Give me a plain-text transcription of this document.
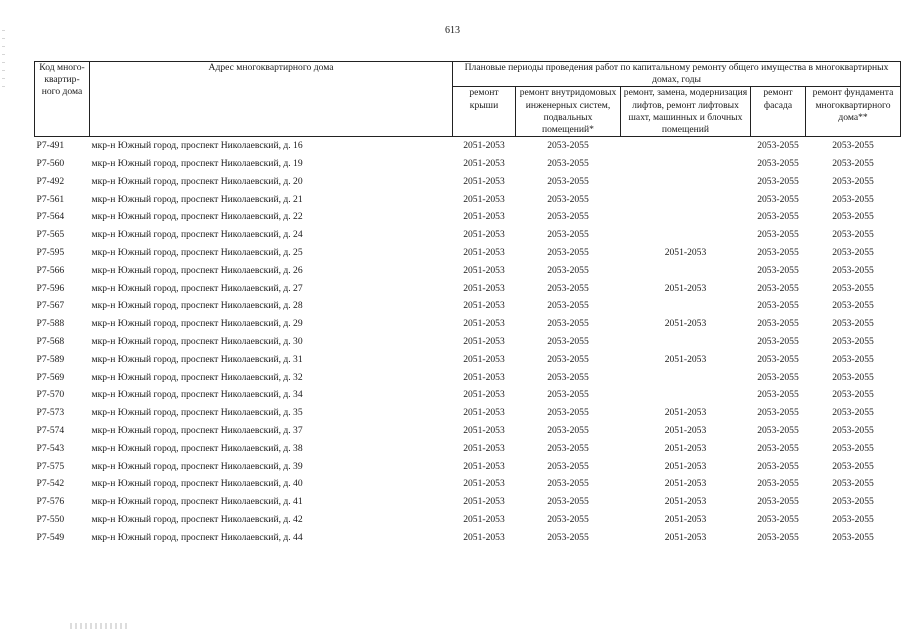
613
Код много-квартир-ного дома	Адрес многоквартирного дома	Плановые периоды проведения работ по капитальному ремонту общего имущества в многоквартирных домах, годы				
		ремонт крыши	ремонт внутридомовых инженерных систем, подвальных помещений*	ремонт, замена, модернизация лифтов, ремонт лифтовых шахт, машинных и блочных помещений	ремонт фасада	ремонт фундамента многоквартирного дома**
Р7-491	мкр-н Южный город, проспект Николаевский, д. 16	2051-2053	2053-2055		2053-2055	2053-2055
Р7-560	мкр-н Южный город, проспект Николаевский, д. 19	2051-2053	2053-2055		2053-2055	2053-2055
Р7-492	мкр-н Южный город, проспект Николаевский, д. 20	2051-2053	2053-2055		2053-2055	2053-2055
Р7-561	мкр-н Южный город, проспект Николаевский, д. 21	2051-2053	2053-2055		2053-2055	2053-2055
Р7-564	мкр-н Южный город, проспект Николаевский, д. 22	2051-2053	2053-2055		2053-2055	2053-2055
Р7-565	мкр-н Южный город, проспект Николаевский, д. 24	2051-2053	2053-2055		2053-2055	2053-2055
Р7-595	мкр-н Южный город, проспект Николаевский, д. 25	2051-2053	2053-2055	2051-2053	2053-2055	2053-2055
Р7-566	мкр-н Южный город, проспект Николаевский, д. 26	2051-2053	2053-2055		2053-2055	2053-2055
Р7-596	мкр-н Южный город, проспект Николаевский, д. 27	2051-2053	2053-2055	2051-2053	2053-2055	2053-2055
Р7-567	мкр-н Южный город, проспект Николаевский, д. 28	2051-2053	2053-2055		2053-2055	2053-2055
Р7-588	мкр-н Южный город, проспект Николаевский, д. 29	2051-2053	2053-2055	2051-2053	2053-2055	2053-2055
Р7-568	мкр-н Южный город, проспект Николаевский, д. 30	2051-2053	2053-2055		2053-2055	2053-2055
Р7-589	мкр-н Южный город, проспект Николаевский, д. 31	2051-2053	2053-2055	2051-2053	2053-2055	2053-2055
Р7-569	мкр-н Южный город, проспект Николаевский, д. 32	2051-2053	2053-2055		2053-2055	2053-2055
Р7-570	мкр-н Южный город, проспект Николаевский, д. 34	2051-2053	2053-2055		2053-2055	2053-2055
Р7-573	мкр-н Южный город, проспект Николаевский, д. 35	2051-2053	2053-2055	2051-2053	2053-2055	2053-2055
Р7-574	мкр-н Южный город, проспект Николаевский, д. 37	2051-2053	2053-2055	2051-2053	2053-2055	2053-2055
Р7-543	мкр-н Южный город, проспект Николаевский, д. 38	2051-2053	2053-2055	2051-2053	2053-2055	2053-2055
Р7-575	мкр-н Южный город, проспект Николаевский, д. 39	2051-2053	2053-2055	2051-2053	2053-2055	2053-2055
Р7-542	мкр-н Южный город, проспект Николаевский, д. 40	2051-2053	2053-2055	2051-2053	2053-2055	2053-2055
Р7-576	мкр-н Южный город, проспект Николаевский, д. 41	2051-2053	2053-2055	2051-2053	2053-2055	2053-2055
Р7-550	мкр-н Южный город, проспект Николаевский, д. 42	2051-2053	2053-2055	2051-2053	2053-2055	2053-2055
Р7-549	мкр-н Южный город, проспект Николаевский, д. 44	2051-2053	2053-2055	2051-2053	2053-2055	2053-2055
